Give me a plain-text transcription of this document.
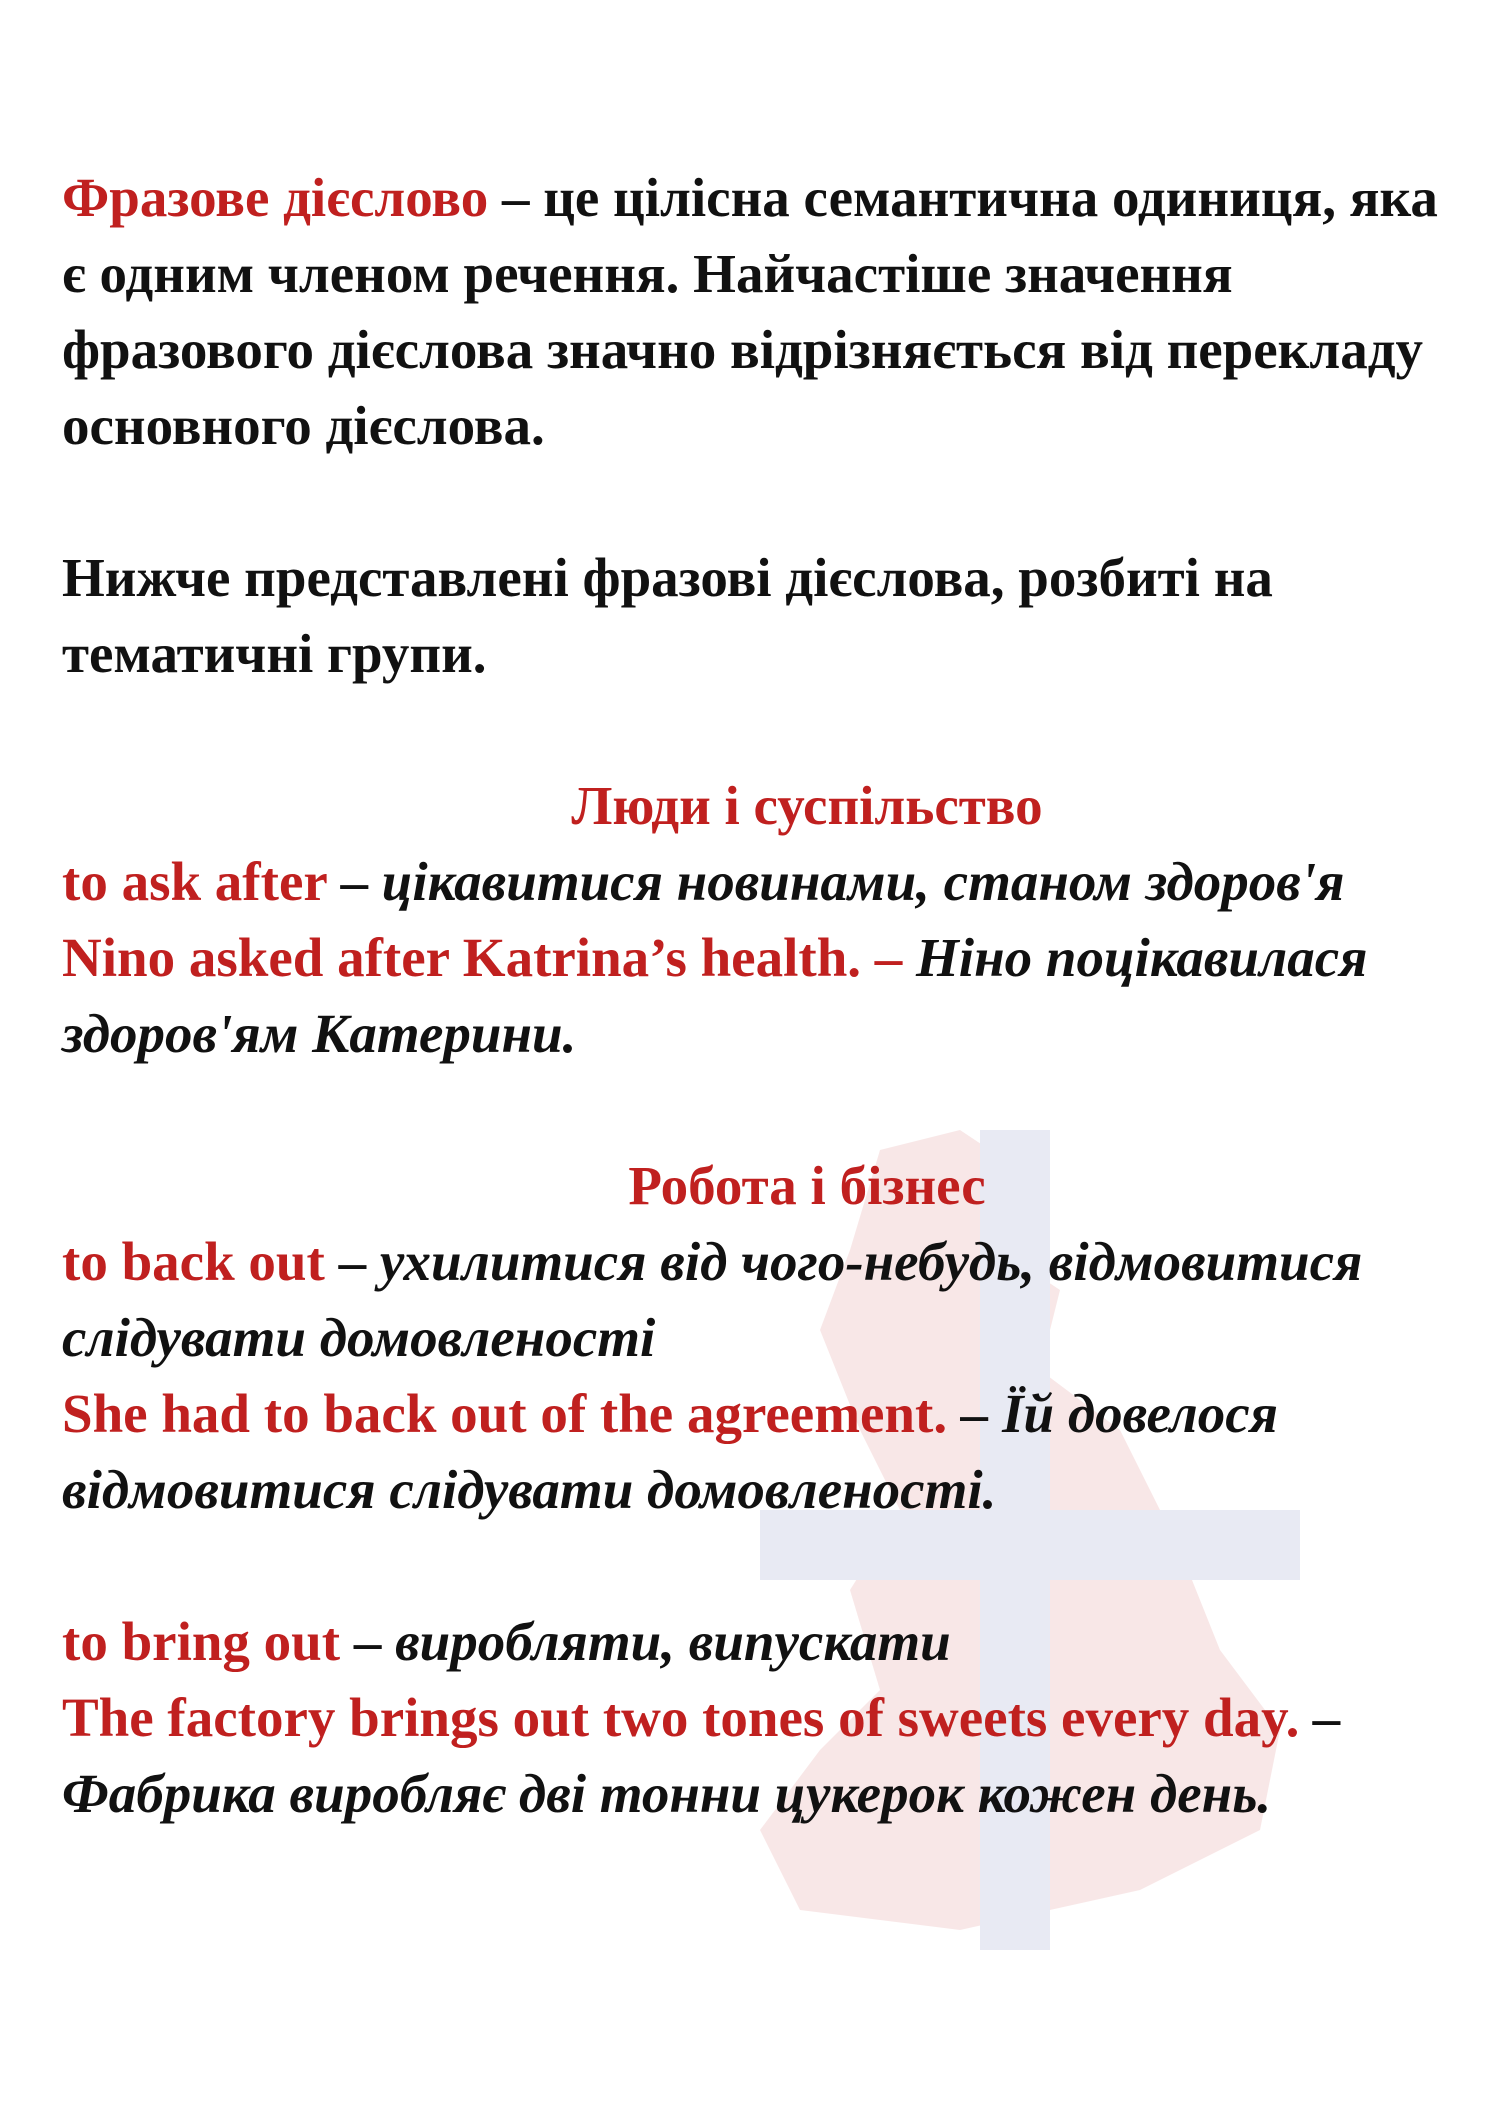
Фразове дієслово – це цілісна семантична одиниця, яка є одним членом речення. Найчастіше значення фразового дієслова значно відрізняється від перекладу основного дієслова.

Нижче представлені фразові дієслова, розбиті на тематичні групи.

Люди і суспільство

to ask after – цікавитися новинами, станом здоров'я

Nino asked after Katrina’s health. – Ніно поцікавилася здоров'ям Катерини.

Робота і бізнес

to back out – ухилитися від чого-небудь, відмовитися слідувати домовленості

She had to back out of the agreement. – Їй довелося відмовитися слідувати домовленості.

to bring out – виробляти, випускати

The factory brings out two tones of sweets every day. – Фабрика виробляє дві тонни цукерок кожен день.
